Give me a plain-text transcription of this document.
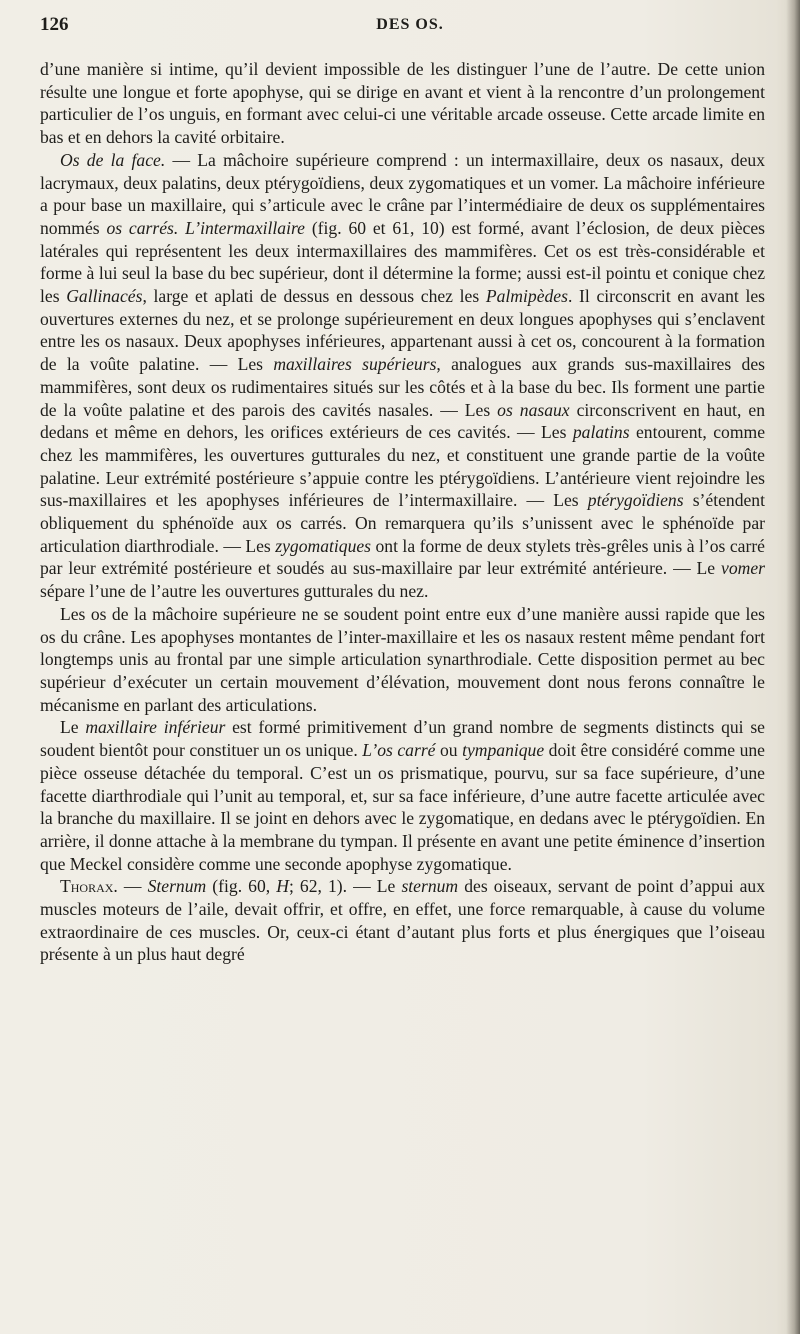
126	DES OS.

d’une manière si intime, qu’il devient impossible de les distinguer l’une de l’autre. De cette union résulte une longue et forte apophyse, qui se dirige en avant et vient à la rencontre d’un prolongement particulier de l’os unguis, en formant avec celui-ci une véritable arcade osseuse. Cette arcade limite en bas et en dehors la cavité orbitaire.

Os de la face. — La mâchoire supérieure comprend : un intermaxillaire, deux os nasaux, deux lacrymaux, deux palatins, deux ptérygoïdiens, deux zygomatiques et un vomer. La mâchoire inférieure a pour base un maxillaire, qui s’articule avec le crâne par l’intermédiaire de deux os supplémentaires nommés os carrés. L’intermaxillaire (fig. 60 et 61, 10) est formé, avant l’éclosion, de deux pièces latérales qui représentent les deux intermaxillaires des mammifères. Cet os est très-considérable et forme à lui seul la base du bec supérieur, dont il détermine la forme; aussi est-il pointu et conique chez les Gallinacés, large et aplati de dessus en dessous chez les Palmipèdes. Il circonscrit en avant les ouvertures externes du nez, et se prolonge supérieurement en deux longues apophyses qui s’enclavent entre les os nasaux. Deux apophyses inférieures, appartenant aussi à cet os, concourent à la formation de la voûte palatine. — Les maxillaires supérieurs, analogues aux grands sus-maxillaires des mammifères, sont deux os rudimentaires situés sur les côtés et à la base du bec. Ils forment une partie de la voûte palatine et des parois des cavités nasales. — Les os nasaux circonscrivent en haut, en dedans et même en dehors, les orifices extérieurs de ces cavités. — Les palatins entourent, comme chez les mammifères, les ouvertures gutturales du nez, et constituent une grande partie de la voûte palatine. Leur extrémité postérieure s’appuie contre les ptérygoïdiens. L’antérieure vient rejoindre les sus-maxillaires et les apophyses inférieures de l’intermaxillaire. — Les ptérygoïdiens s’étendent obliquement du sphénoïde aux os carrés. On remarquera qu’ils s’unissent avec le sphénoïde par articulation diarthrodiale. — Les zygomatiques ont la forme de deux stylets très-grêles unis à l’os carré par leur extrémité postérieure et soudés au sus-maxillaire par leur extrémité antérieure. — Le vomer sépare l’une de l’autre les ouvertures gutturales du nez.

Les os de la mâchoire supérieure ne se soudent point entre eux d’une manière aussi rapide que les os du crâne. Les apophyses montantes de l’inter-maxillaire et les os nasaux restent même pendant fort longtemps unis au frontal par une simple articulation synarthrodiale. Cette disposition permet au bec supérieur d’exécuter un certain mouvement d’élévation, mouvement dont nous ferons connaître le mécanisme en parlant des articulations.

Le maxillaire inférieur est formé primitivement d’un grand nombre de segments distincts qui se soudent bientôt pour constituer un os unique. L’os carré ou tympanique doit être considéré comme une pièce osseuse détachée du temporal. C’est un os prismatique, pourvu, sur sa face supérieure, d’une facette diarthrodiale qui l’unit au temporal, et, sur sa face inférieure, d’une autre facette articulée avec la branche du maxillaire. Il se joint en dehors avec le zygomatique, en dedans avec le ptérygoïdien. En arrière, il donne attache à la membrane du tympan. Il présente en avant une petite éminence d’insertion que Meckel considère comme une seconde apophyse zygomatique.

Thorax. — Sternum (fig. 60, H; 62, 1). — Le sternum des oiseaux, servant de point d’appui aux muscles moteurs de l’aile, devait offrir, et offre, en effet, une force remarquable, à cause du volume extraordinaire de ces muscles. Or, ceux-ci étant d’autant plus forts et plus énergiques que l’oiseau présente à un plus haut degré
